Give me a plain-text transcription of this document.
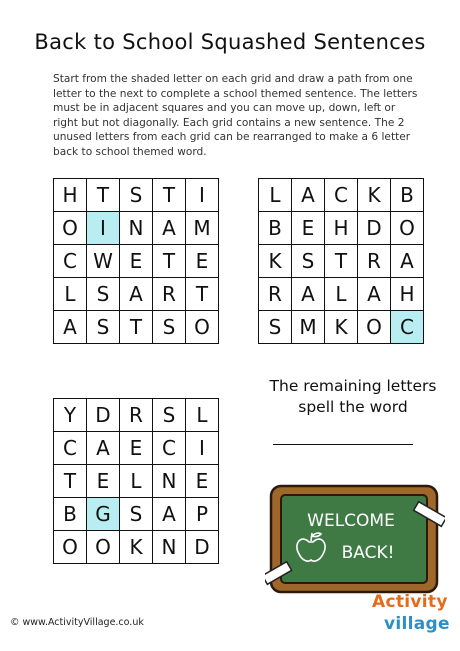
Back to School Squashed Sentences
Start from the shaded letter on each grid and draw a path from one letter to the next to complete a school themed sentence. The letters must be in adjacent squares and you can move up, down, left or right but not diagonally. Each grid contains a new sentence. The 2 unused letters from each grid can be rearranged to make a 6 letter back to school themed word.
H T	S	T	I
O	I	N A M
C W E	T	E
L	S A R T
A S	T	S O
L	A C K B
B E H D O
K	S	T R A
R A	L	A H
S M K O C
Y D R S	L
C A E C	I
T	E	L N E
B G S A	P
O O K N D
The remaining letters
spell the word
WELCOME
BACK!
© www.ActivityVillage.co.uk
Activity
village
